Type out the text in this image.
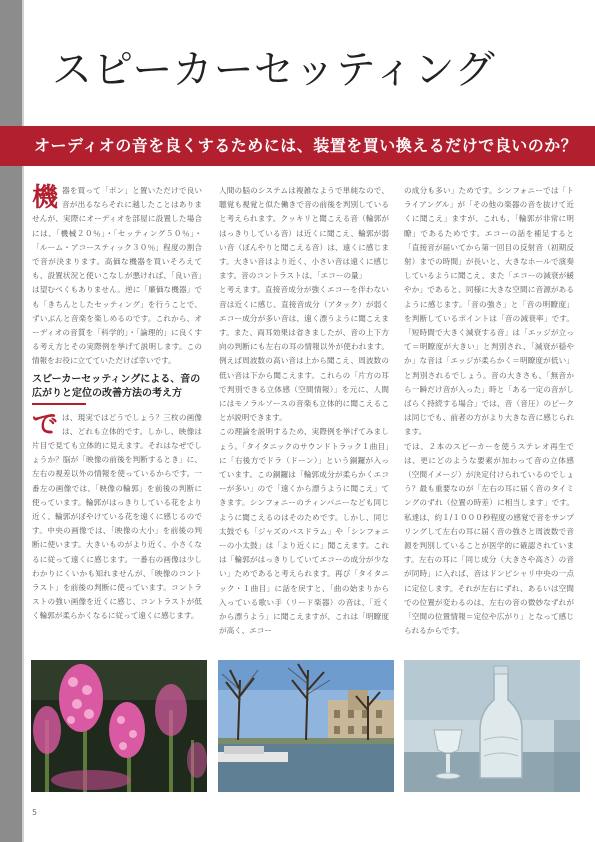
スピーカーセッティング
オーディオの音を良くするためには、装置を買い換えるだけで良いのか？
機 器を買って「ポン」と置いただけで良い音が出るならそれに越したことはありませんが、実際にオーディオを部屋に設置した場合には、「機械２０％」・「セッティング５０％」・「ルーム・アコースティック３０％」程度の割合で音が決まります。高価な機器を買いそろえても、設置状況と使いこなしが悪ければ、「良い音」は望むべくもありません。逆に「廉価な機器」でも「きちんとしたセッティング」を行うことで、ずいぶんと音楽を楽しめるのです。これから、オーディオの音質を「科学的」・「論理的」に良くする考え方とその実際例を挙げて説明します。この情報をお役に立てていただけば幸いです。
スピーカーセッティングによる、音の広がりと定位の改善方法の考え方
で は、現実ではどうでしょう？三枚の画像は、どれも立体的です。しかし、映像は片目で見ても立体的に見えます。それはなぜでしょうか？脳が「映像の前後を判断するとき」に、左右の視差以外の情報を使っているからです。一番左の画像では、「映像の輪郭」を前後の判断に使っています。輪郭がはっきりしている花をより近く、輪郭がぼやけている花を遠くに感じるのです。中央の画像では、「映像の大小」を前後の判断に使います。大きいものがより近く、小さくなるに従って遠くに感じます。一番右の画像は少しわかりにくいかも知れませんが、「映像のコントラスト」を前後の判断に使っています。コントラストの強い画像を近くに感じ、コントラストが低く輪郭が柔らかくなるに従って遠くに感じます。
人間の脳のシステムは複雑なようで単純なので、聴覚も視覚と似た働きで音の前後を判別していると考えられます。クッキリと聞こえる音（輪郭がはっきりしている音）は近くに聞こえ、輪郭が弱い音（ぼんやりと聞こえる音）は、遠くに感じます。大きい音はより近く、小さい音は遠くに感じます。音のコントラストは、「エコーの量」
と考えます。直接音成分が強くエコーを伴わない音は近くに感じ、直接音成分（アタック）が弱くエコー成分が多い音は、遠く漂うように聞こえます。また、両耳効果は省きましたが、音の上下方向の判断にも左右の耳の情報以外が使われます。例えば周波数の高い音は上から聞こえ、周波数の低い音は下から聞こえます。これらの「片方の耳で判別できる立体感（空間情報）」を元に、人間にはモノラルソースの音楽も立体的に聞こえることが説明できます。
この理論を説明するため、実際例を挙げてみましょう。「タイタニックのサウンドトラック１曲目」に「右後方でドラ（ドーン）」という銅鑼が入っています。この銅鑼は「輪郭成分が柔らかくエコーが多い」ので「遠くから漂うように聞こえ」てきます。シンフォニーのティンパニーなども同じように聞こえるのはそのためです。しかし、同じ太鼓でも「ジャズのバスドラム」や「シンフォニーの小太鼓」は「より近くに」聞こえます。これは「輪郭がはっきりしていてエコーの成分が少ない」ためであると考えられます。再び「タイタニック・１曲目」に話を戻すと、「曲の始まりから入っている歌い手（リード楽器）の音は、「近くから漂うよう」に聞こえますが、これは「明瞭度が高く、エコー
の成分も多い」ためです。シンフォニーでは「トライアングル」が「その他の楽器の音を抜けて近くに聞こえ」ますが、これも、「輪郭が非常に明瞭」であるためです。エコーの話を補足すると「直接音が届いてから第一回目の反射音（初期反射）までの時間」が長いと、大きなホールで演奏しているように聞こえ、また「エコーの減衰が緩やか」であると、同様に大きな空間に音源があるように感じます。「音の強さ」と「音の明瞭度」を判断しているポイントは「音の減衰率」です。「短時間で大きく減衰する音」は「エッジが立って＝明瞭度が大きい」と判別され、「減衰が穏やか」な音は「エッジが柔らかく＝明瞭度が低い」と判別されるでしょう。音の大きさも、「無音から一瞬だけ音が入った」時と「ある一定の音がしばらく持続する場合」では、音（音圧）のピークは同じでも、前者の方がより大きな音に感じられます。
では、２本のスピーカーを使うステレオ再生では、更にどのような要素が加わって音の立体感（空間イメージ）が決定付けられているのでしょう？最も重要なのが「左右の耳に届く音のタイミングのずれ（位置の時差）に相当します」です。私達は、約１/１０００秒程度の感覚で音をサンプリングして左右の耳に届く音の強さと周波数で音源を判別していることが医学的に確認されています。左右の耳に「同じ成分（大きさや高さ）の音が同時」に入れば、音はドンピシャリ中央の一点に定位します。それが左右にずれ、あるいは空間での位置が変わるのは、左右の音の微妙なずれが「空間の位置情報＝定位や広がり」となって感じられるからです。
5
